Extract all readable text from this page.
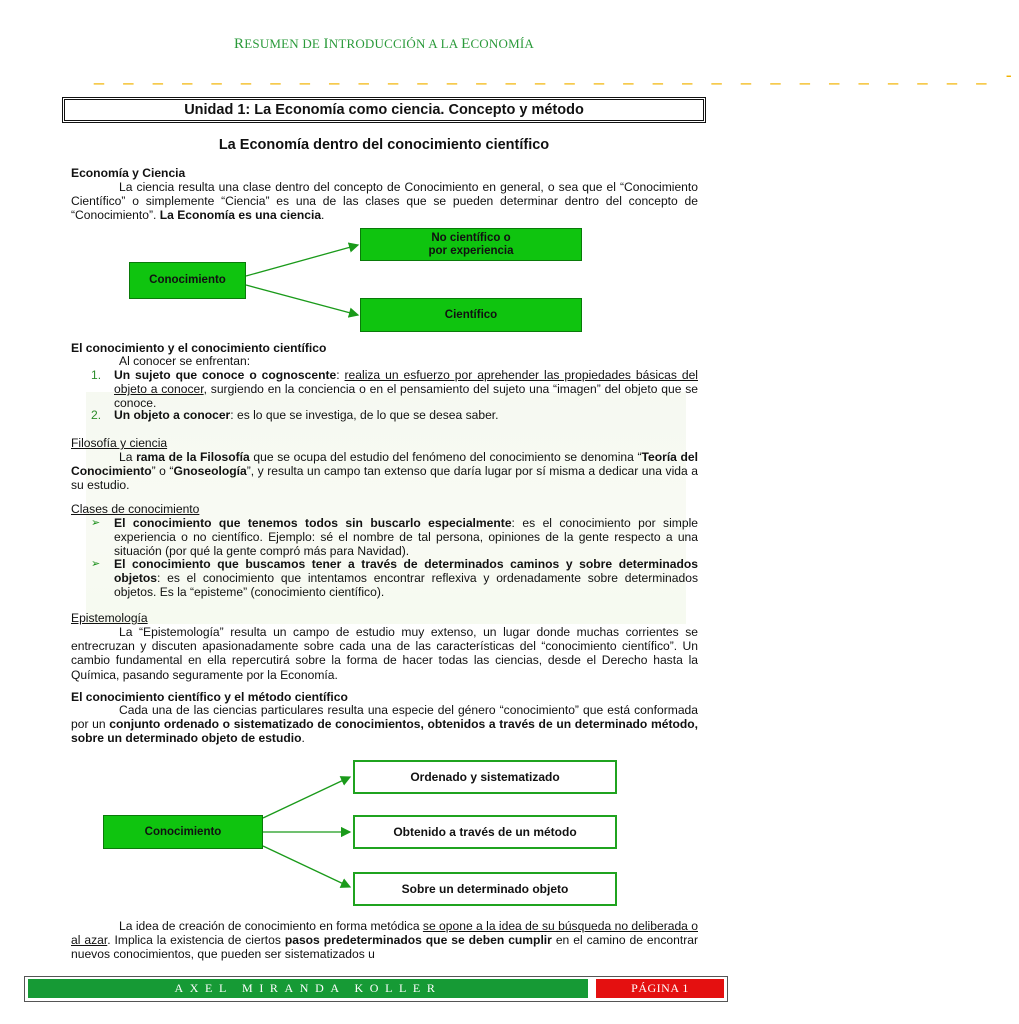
RESUMEN DE INTRODUCCIÓN A LA ECONOMÍA
_ _ _ _ _ _ _ _ _ _ _ _ _ _ _ _ _ _ _ _ _ _ _ _ _ _ _ _ _ _ _ -
Unidad 1: La Economía como ciencia. Concepto y método
La Economía dentro del conocimiento científico
Economía y Ciencia
La ciencia resulta una clase dentro del concepto de Conocimiento en general, o sea que el “Conocimiento Científico” o simplemente “Ciencia” es una de las clases que se pueden determinar dentro del concepto de “Conocimiento”. La Economía es una ciencia.
Conocimiento
No científico o
por experiencia
Científico
El conocimiento y el conocimiento científico
Al conocer se enfrentan:
1. Un sujeto que conoce o cognoscente: realiza un esfuerzo por aprehender las propiedades básicas del objeto a conocer, surgiendo en la conciencia o en el pensamiento del sujeto una “imagen” del objeto que se conoce.
2. Un objeto a conocer: es lo que se investiga, de lo que se desea saber.
Filosofía y ciencia
La rama de la Filosofía que se ocupa del estudio del fenómeno del conocimiento se denomina “Teoría del Conocimiento” o “Gnoseología”, y resulta un campo tan extenso que daría lugar por sí misma a dedicar una vida a su estudio.
Clases de conocimiento
➢ El conocimiento que tenemos todos sin buscarlo especialmente: es el conocimiento por simple experiencia o no científico. Ejemplo: sé el nombre de tal persona, opiniones de la gente respecto a una situación (por qué la gente compró más para Navidad).
➢ El conocimiento que buscamos tener a través de determinados caminos y sobre determinados objetos: es el conocimiento que intentamos encontrar reflexiva y ordenadamente sobre determinados objetos. Es la “episteme” (conocimiento científico).
Epistemología
La “Epistemología” resulta un campo de estudio muy extenso, un lugar donde muchas corrientes se entrecruzan y discuten apasionadamente sobre cada una de las características del “conocimiento científico”. Un cambio fundamental en ella repercutirá sobre la forma de hacer todas las ciencias, desde el Derecho hasta la Química, pasando seguramente por la Economía.
El conocimiento científico y el método científico
Cada una de las ciencias particulares resulta una especie del género “conocimiento” que está conformada por un conjunto ordenado o sistematizado de conocimientos, obtenidos a través de un determinado método, sobre un determinado objeto de estudio.
Conocimiento
Ordenado y sistematizado
Obtenido a través de un método
Sobre un determinado objeto
La idea de creación de conocimiento en forma metódica se opone a la idea de su búsqueda no deliberada o al azar. Implica la existencia de ciertos pasos predeterminados que se deben cumplir en el camino de encontrar nuevos conocimientos, que pueden ser sistematizados u
AXEL MIRANDA KOLLER	PÁGINA 1
